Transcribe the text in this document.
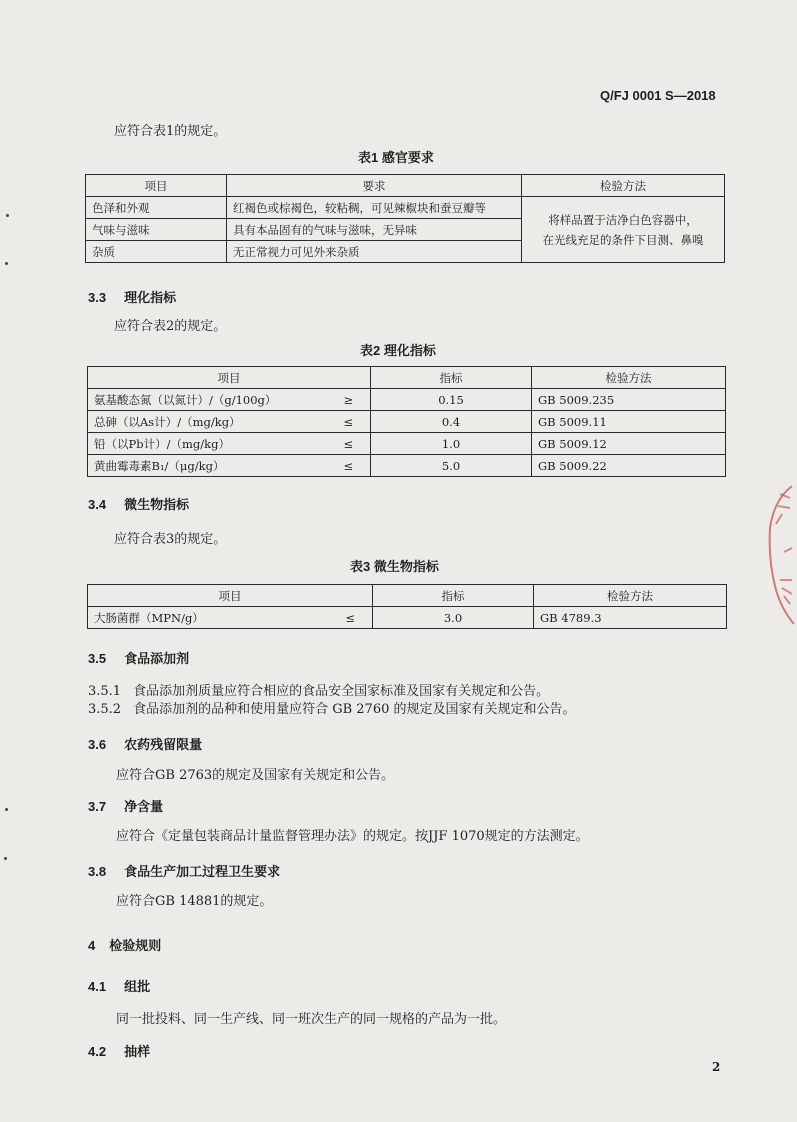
Q/FJ 0001 S—2018
应符合表1的规定。
表1 感官要求
项目	要求	检验方法
色泽和外观	红褐色或棕褐色，较粘稠，可见辣椒块和蚕豆瓣等	将样品置于洁净白色容器中，
在光线充足的条件下目测、鼻嗅

气味与滋味	具有本品固有的气味与滋味，无异味	
杂质	无正常视力可见外来杂质	
3.3 理化指标
应符合表2的规定。
表2 理化指标
项目		指标	检验方法
氨基酸态氮（以氮计）/（g/100g）	≥	0.15	GB 5009.235
总砷（以As计）/（mg/kg）	≤	0.4	GB 5009.11
铅（以Pb计）/（mg/kg）	≤	1.0	GB 5009.12
黄曲霉毒素B₁/（μg/kg）	≤	5.0	GB 5009.22
3.4 微生物指标
应符合表3的规定。
表3 微生物指标
项目		指标	检验方法
大肠菌群（MPN/g）	≤	3.0	GB 4789.3
3.5 食品添加剂
3.5.1 食品添加剂质量应符合相应的食品安全国家标准及国家有关规定和公告。
3.5.2 食品添加剂的品种和使用量应符合 GB 2760 的规定及国家有关规定和公告。
3.6 农药残留限量
应符合GB 2763的规定及国家有关规定和公告。
3.7 净含量
应符合《定量包装商品计量监督管理办法》的规定。按JJF 1070规定的方法测定。
3.8 食品生产加工过程卫生要求
应符合GB 14881的规定。
4 检验规则
4.1 组批
同一批投料、同一生产线、同一班次生产的同一规格的产品为一批。
4.2 抽样
2
